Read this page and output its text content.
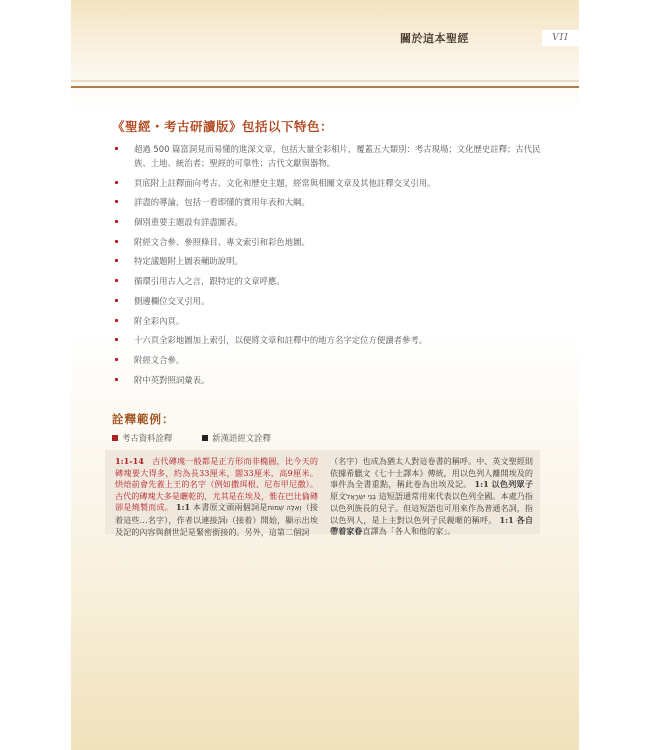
關於這本聖經	VII
《聖經・考古研讀版》包括以下特色：
超過 500 篇富洞見而易懂的進深文章，包括大量全彩相片，覆蓋五大類別：考古現場；文化歷史註釋；古代民族、土地、統治者；聖經的可靠性；古代文獻與器物。
頁底附上註釋面向考古、文化和歷史主題，經常與相關文章及其他註釋交叉引用。
詳盡的導論，包括一看即懂的實用年表和大綱。
個別重要主題設有詳盡圖表。
附經文合參、參照條目、專文索引和彩色地圖。
特定議題附上圖表輔助說明。
循環引用古人之言，跟特定的文章呼應。
側邊欄位交叉引用。
附全彩內頁。
十六頁全彩地圖加上索引，以便將文章和註釋中的地方名字定位方便讀者參考。
附經文合參。
附中英對照詞彙表。
詮釋範例：
考古資料詮釋	新漢語經文詮釋
1:1-14 古代磚塊一般都是正方形而非橢圓，比今天的磚塊要大得多，約為長33厘米，闊33厘米，高9厘米。烘焙前會先蓋上王的名字（例如撒珥根、尼布甲尼撒）。古代的磚塊大多是曬乾的，尤其是在埃及，惟在巴比倫磚卻是燒製而成。 1:1 本書原文頭兩個詞是וְאֵלֶּה שְׁמוֹת（接着這些…名字），作者以連接詞ו（接着）開始，顯示出埃及記的內容與創世記是緊密銜接的。另外，這第二個詞
（名字）也成為猶太人對這卷書的稱呼。中、英文聖經則依據希臘文《七十士譯本》傳統，用以色列人離開埃及的事件為全書重點，稱此卷為出埃及記。 1:1 以色列眾子原文בְּנֵי יִשְׂרָאֵל 這短語通常用來代表以色列全國。本處乃指以色列族長的兒子。但這短語也可用來作為普通名詞，指以色列人，是上主對以色列子民親暱的稱呼。 1:1 各自帶着家眷直譯為「各人和他的家」。
